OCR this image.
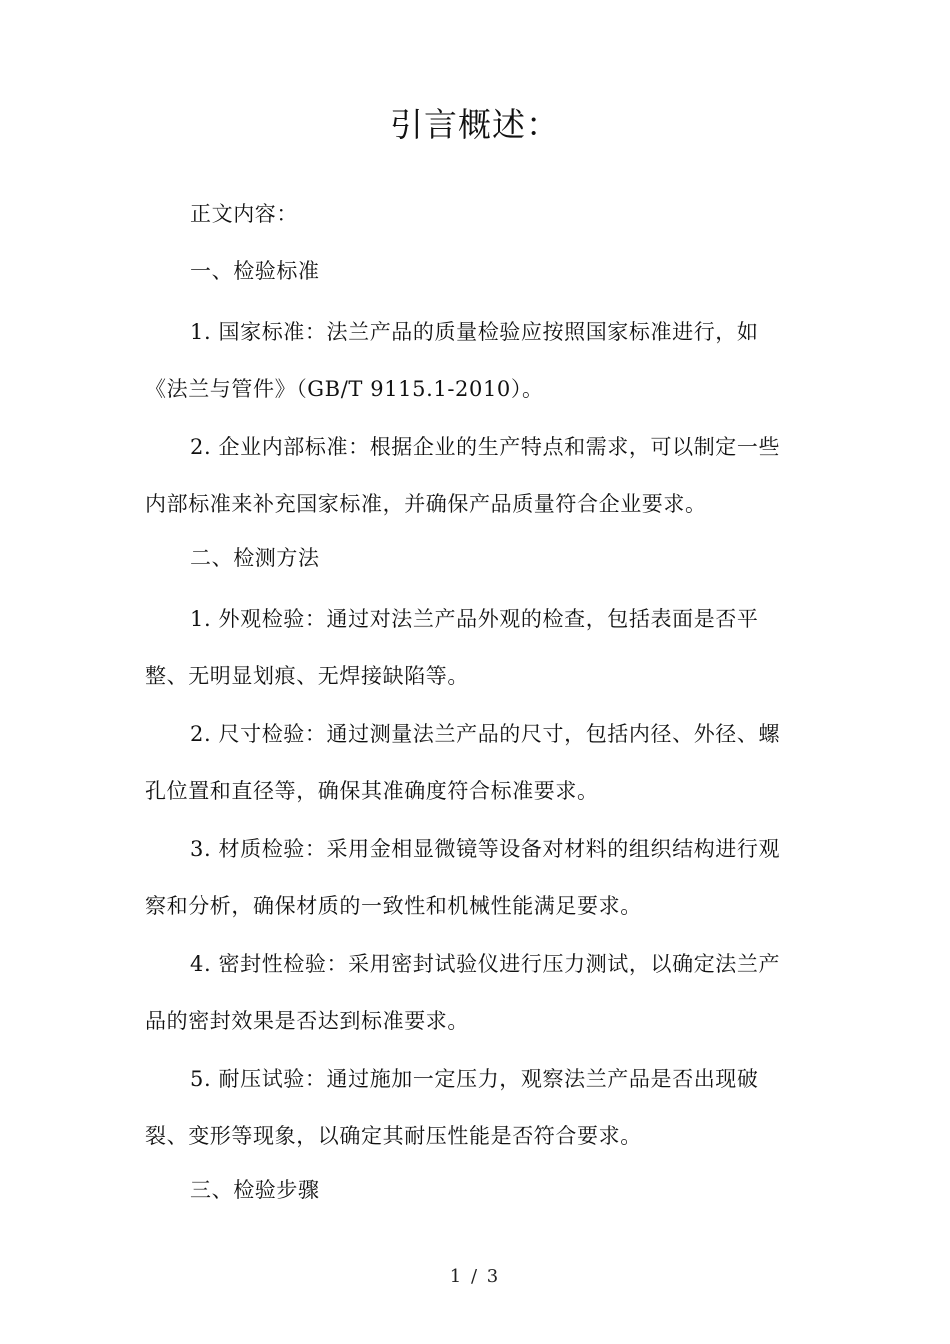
引言概述：
正文内容：
一、检验标准
1. 国家标准：法兰产品的质量检验应按照国家标准进行，如
《法兰与管件》（GB/T 9115.1-2010）。
2. 企业内部标准：根据企业的生产特点和需求，可以制定一些
内部标准来补充国家标准，并确保产品质量符合企业要求。
二、检测方法
1. 外观检验：通过对法兰产品外观的检查，包括表面是否平
整、无明显划痕、无焊接缺陷等。
2. 尺寸检验：通过测量法兰产品的尺寸，包括内径、外径、螺
孔位置和直径等，确保其准确度符合标准要求。
3. 材质检验：采用金相显微镜等设备对材料的组织结构进行观
察和分析，确保材质的一致性和机械性能满足要求。
4. 密封性检验：采用密封试验仪进行压力测试，以确定法兰产
品的密封效果是否达到标准要求。
5. 耐压试验：通过施加一定压力，观察法兰产品是否出现破
裂、变形等现象，以确定其耐压性能是否符合要求。
三、检验步骤
1 / 3
